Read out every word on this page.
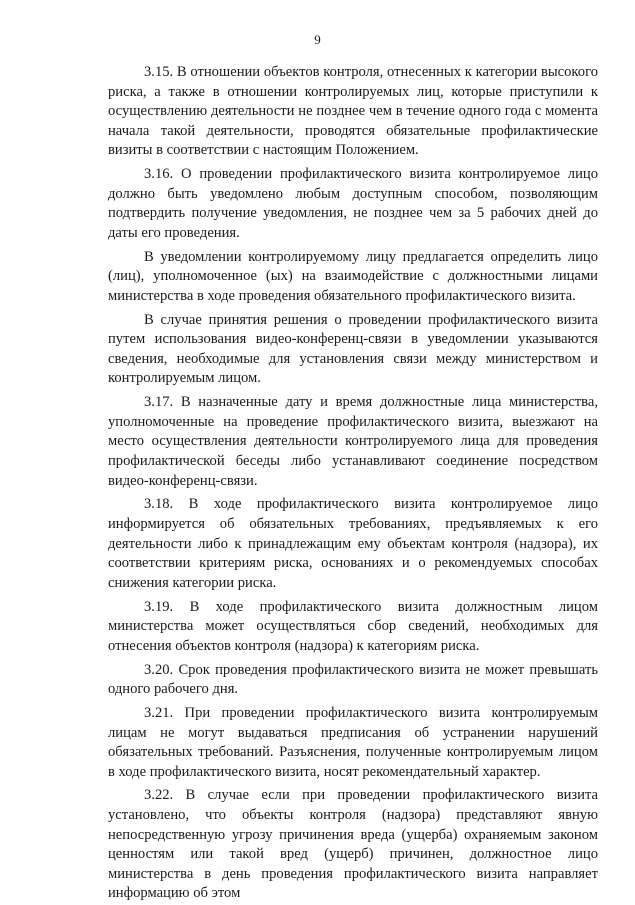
9

3.15. В отношении объектов контроля, отнесенных к категории высокого риска, а также в отношении контролируемых лиц, которые приступили к осуществлению деятельности не позднее чем в течение одного года с момента начала такой деятельности, проводятся обязательные профилактические визиты в соответствии с настоящим Положением.

3.16. О проведении профилактического визита контролируемое лицо должно быть уведомлено любым доступным способом, позволяющим подтвердить получение уведомления, не позднее чем за 5 рабочих дней до даты его проведения.

В уведомлении контролируемому лицу предлагается определить лицо (лиц), уполномоченное (ых) на взаимодействие с должностными лицами министерства в ходе проведения обязательного профилактического визита.

В случае принятия решения о проведении профилактического визита путем использования видео-конференц-связи в уведомлении указываются сведения, необходимые для установления связи между министерством и контролируемым лицом.

3.17. В назначенные дату и время должностные лица министерства, уполномоченные на проведение профилактического визита, выезжают на место осуществления деятельности контролируемого лица для проведения профилактической беседы либо устанавливают соединение посредством видео-конференц-связи.

3.18. В ходе профилактического визита контролируемое лицо информируется об обязательных требованиях, предъявляемых к его деятельности либо к принадлежащим ему объектам контроля (надзора), их соответствии критериям риска, основаниях и о рекомендуемых способах снижения категории риска.

3.19. В ходе профилактического визита должностным лицом министерства может осуществляться сбор сведений, необходимых для отнесения объектов контроля (надзора) к категориям риска.

3.20. Срок проведения профилактического визита не может превышать одного рабочего дня.

3.21. При проведении профилактического визита контролируемым лицам не могут выдаваться предписания об устранении нарушений обязательных требований. Разъяснения, полученные контролируемым лицом в ходе профилактического визита, носят рекомендательный характер.

3.22. В случае если при проведении профилактического визита установлено, что объекты контроля (надзора) представляют явную непосредственную угрозу причинения вреда (ущерба) охраняемым законом ценностям или такой вред (ущерб) причинен, должностное лицо министерства в день проведения профилактического визита направляет информацию об этом
